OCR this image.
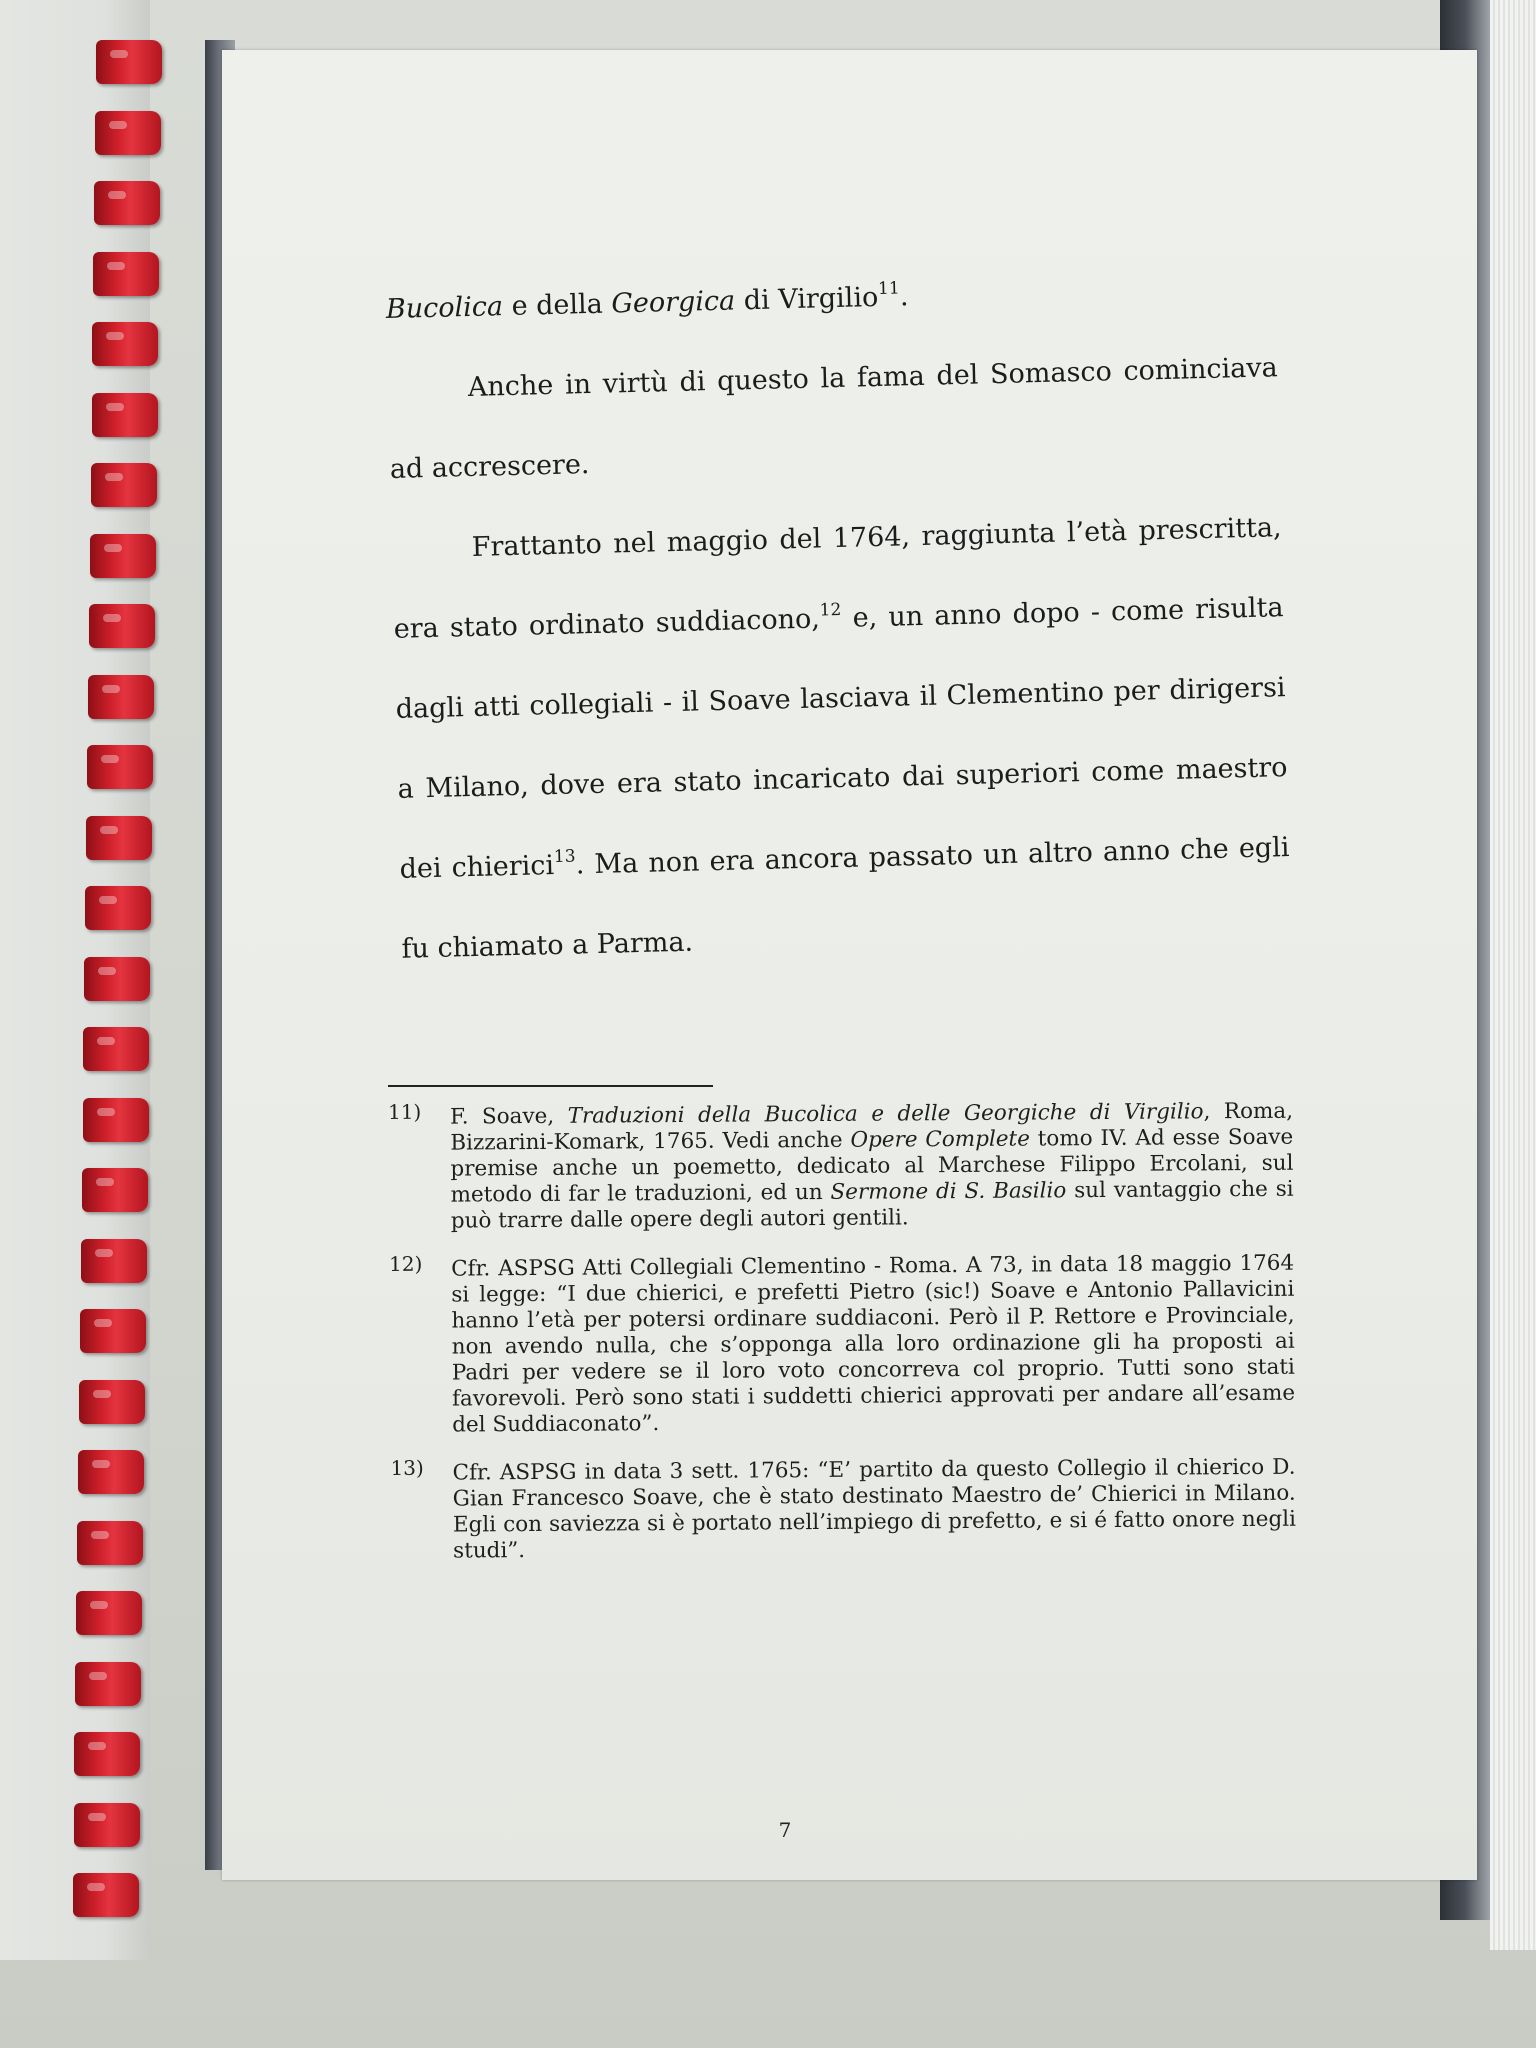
Bucolica e della Georgica di Virgilio$^{11}$.

Anche in virtù di questo la fama del Somasco cominciava ad accrescere.

Frattanto nel maggio del 1764, raggiunta l’età prescritta, era stato ordinato suddiacono,$^{12}$ e, un anno dopo - come risulta dagli atti collegiali - il Soave lasciava il Clementino per dirigersi a Milano, dove era stato incaricato dai superiori come maestro dei chierici$^{13}$. Ma non era ancora passato un altro anno che egli fu chiamato a Parma.

11)	F. Soave, Traduzioni della Bucolica e delle Georgiche di Virgilio, Roma, Bizzarini-Komark, 1765. Vedi anche Opere Complete tomo IV. Ad esse Soave premise anche un poemetto, dedicato al Marchese Filippo Ercolani, sul metodo di far le traduzioni, ed un Sermone di S. Basilio sul vantaggio che si può trarre dalle opere degli autori gentili.
12)	Cfr. ASPSG Atti Collegiali Clementino - Roma. A 73, in data 18 maggio 1764 si legge: “I due chierici, e prefetti Pietro (sic!) Soave e Antonio Pallavicini hanno l’età per potersi ordinare suddiaconi. Però il P. Rettore e Provinciale, non avendo nulla, che s’opponga alla loro ordinazione gli ha proposti ai Padri per vedere se il loro voto concorreva col proprio. Tutti sono stati favorevoli. Però sono stati i suddetti chierici approvati per andare all’esame del Suddiaconato”.
13)	Cfr. ASPSG in data 3 sett. 1765: “E’ partito da questo Collegio il chierico D. Gian Francesco Soave, che è stato destinato Maestro de’ Chierici in Milano. Egli con saviezza si è portato nell’impiego di prefetto, e si é fatto onore negli studi”.
7
